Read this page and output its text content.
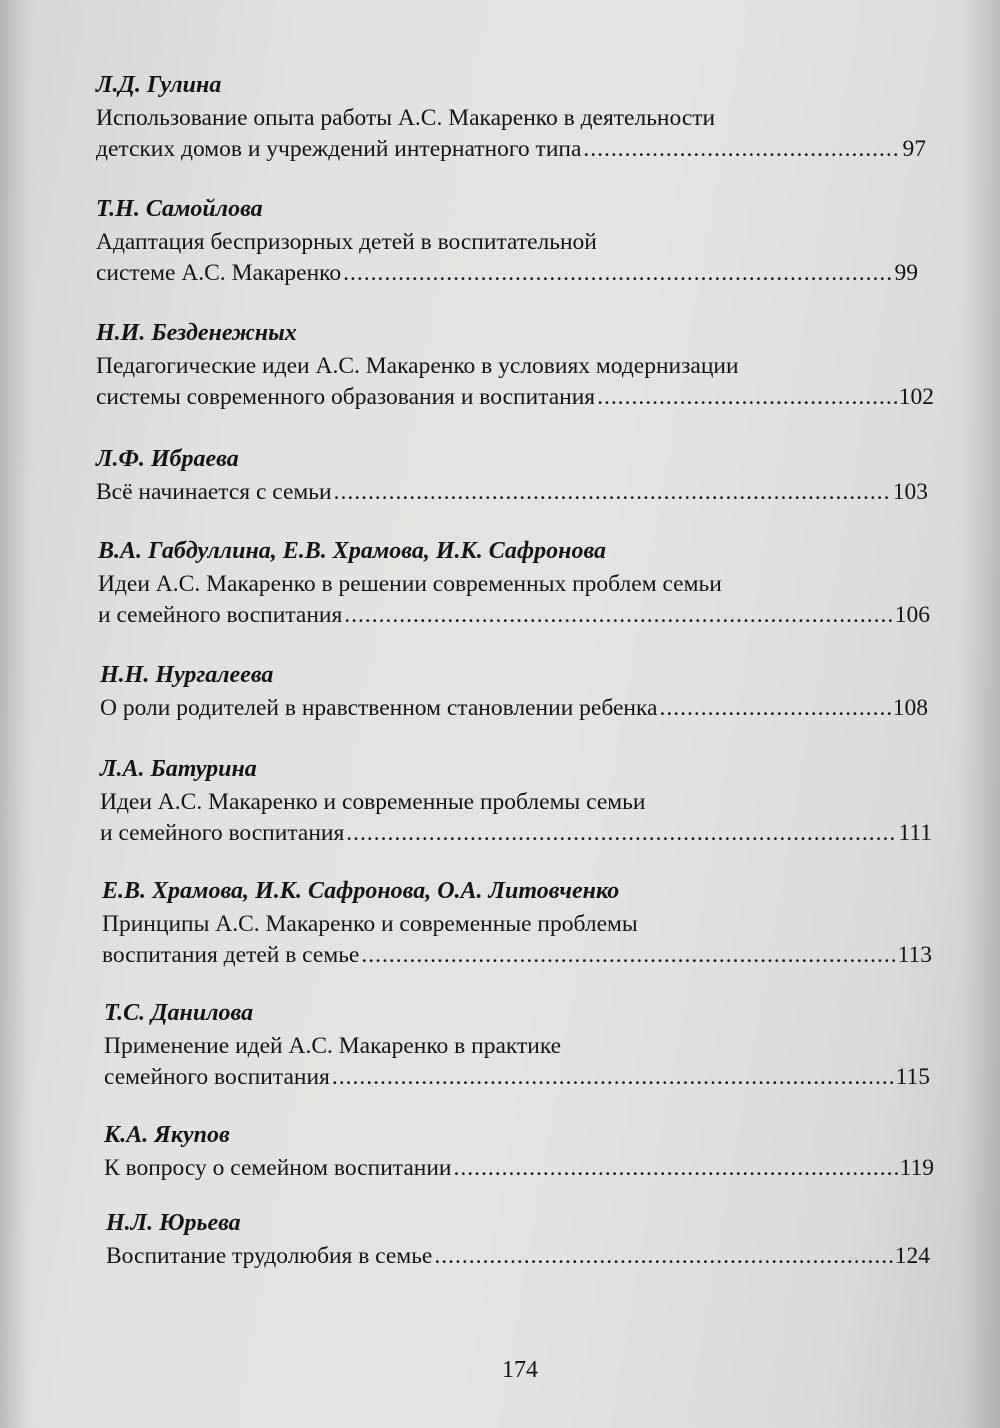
Л.Д. Гулина
Использование опыта работы А.С. Макаренко в деятельности
детских домов и учреждений интернатного типа .....	97
Т.Н. Самойлова
Адаптация беспризорных детей в воспитательной
системе А.С. Макаренко .....	99
Н.И. Безденежных
Педагогические идеи А.С. Макаренко в условиях модернизации
системы современного образования и воспитания .....	102
Л.Ф. Ибраева
Всё начинается с семьи .....	103
В.А. Габдуллина, Е.В. Храмова, И.К. Сафронова
Идеи А.С. Макаренко в решении современных проблем семьи
и семейного воспитания .....	106
Н.Н. Нургалеева
О роли родителей в нравственном становлении ребенка .....	108
Л.А. Батурина
Идеи А.С. Макаренко и современные проблемы семьи
и семейного воспитания .....	111
Е.В. Храмова, И.К. Сафронова, О.А. Литовченко
Принципы А.С. Макаренко и современные проблемы
воспитания детей в семье .....	113
Т.С. Данилова
Применение идей А.С. Макаренко в практике
семейного воспитания .....	115
К.А. Якупов
К вопросу о семейном воспитании .....	119
Н.Л. Юрьева
Воспитание трудолюбия в семье .....	124
174
